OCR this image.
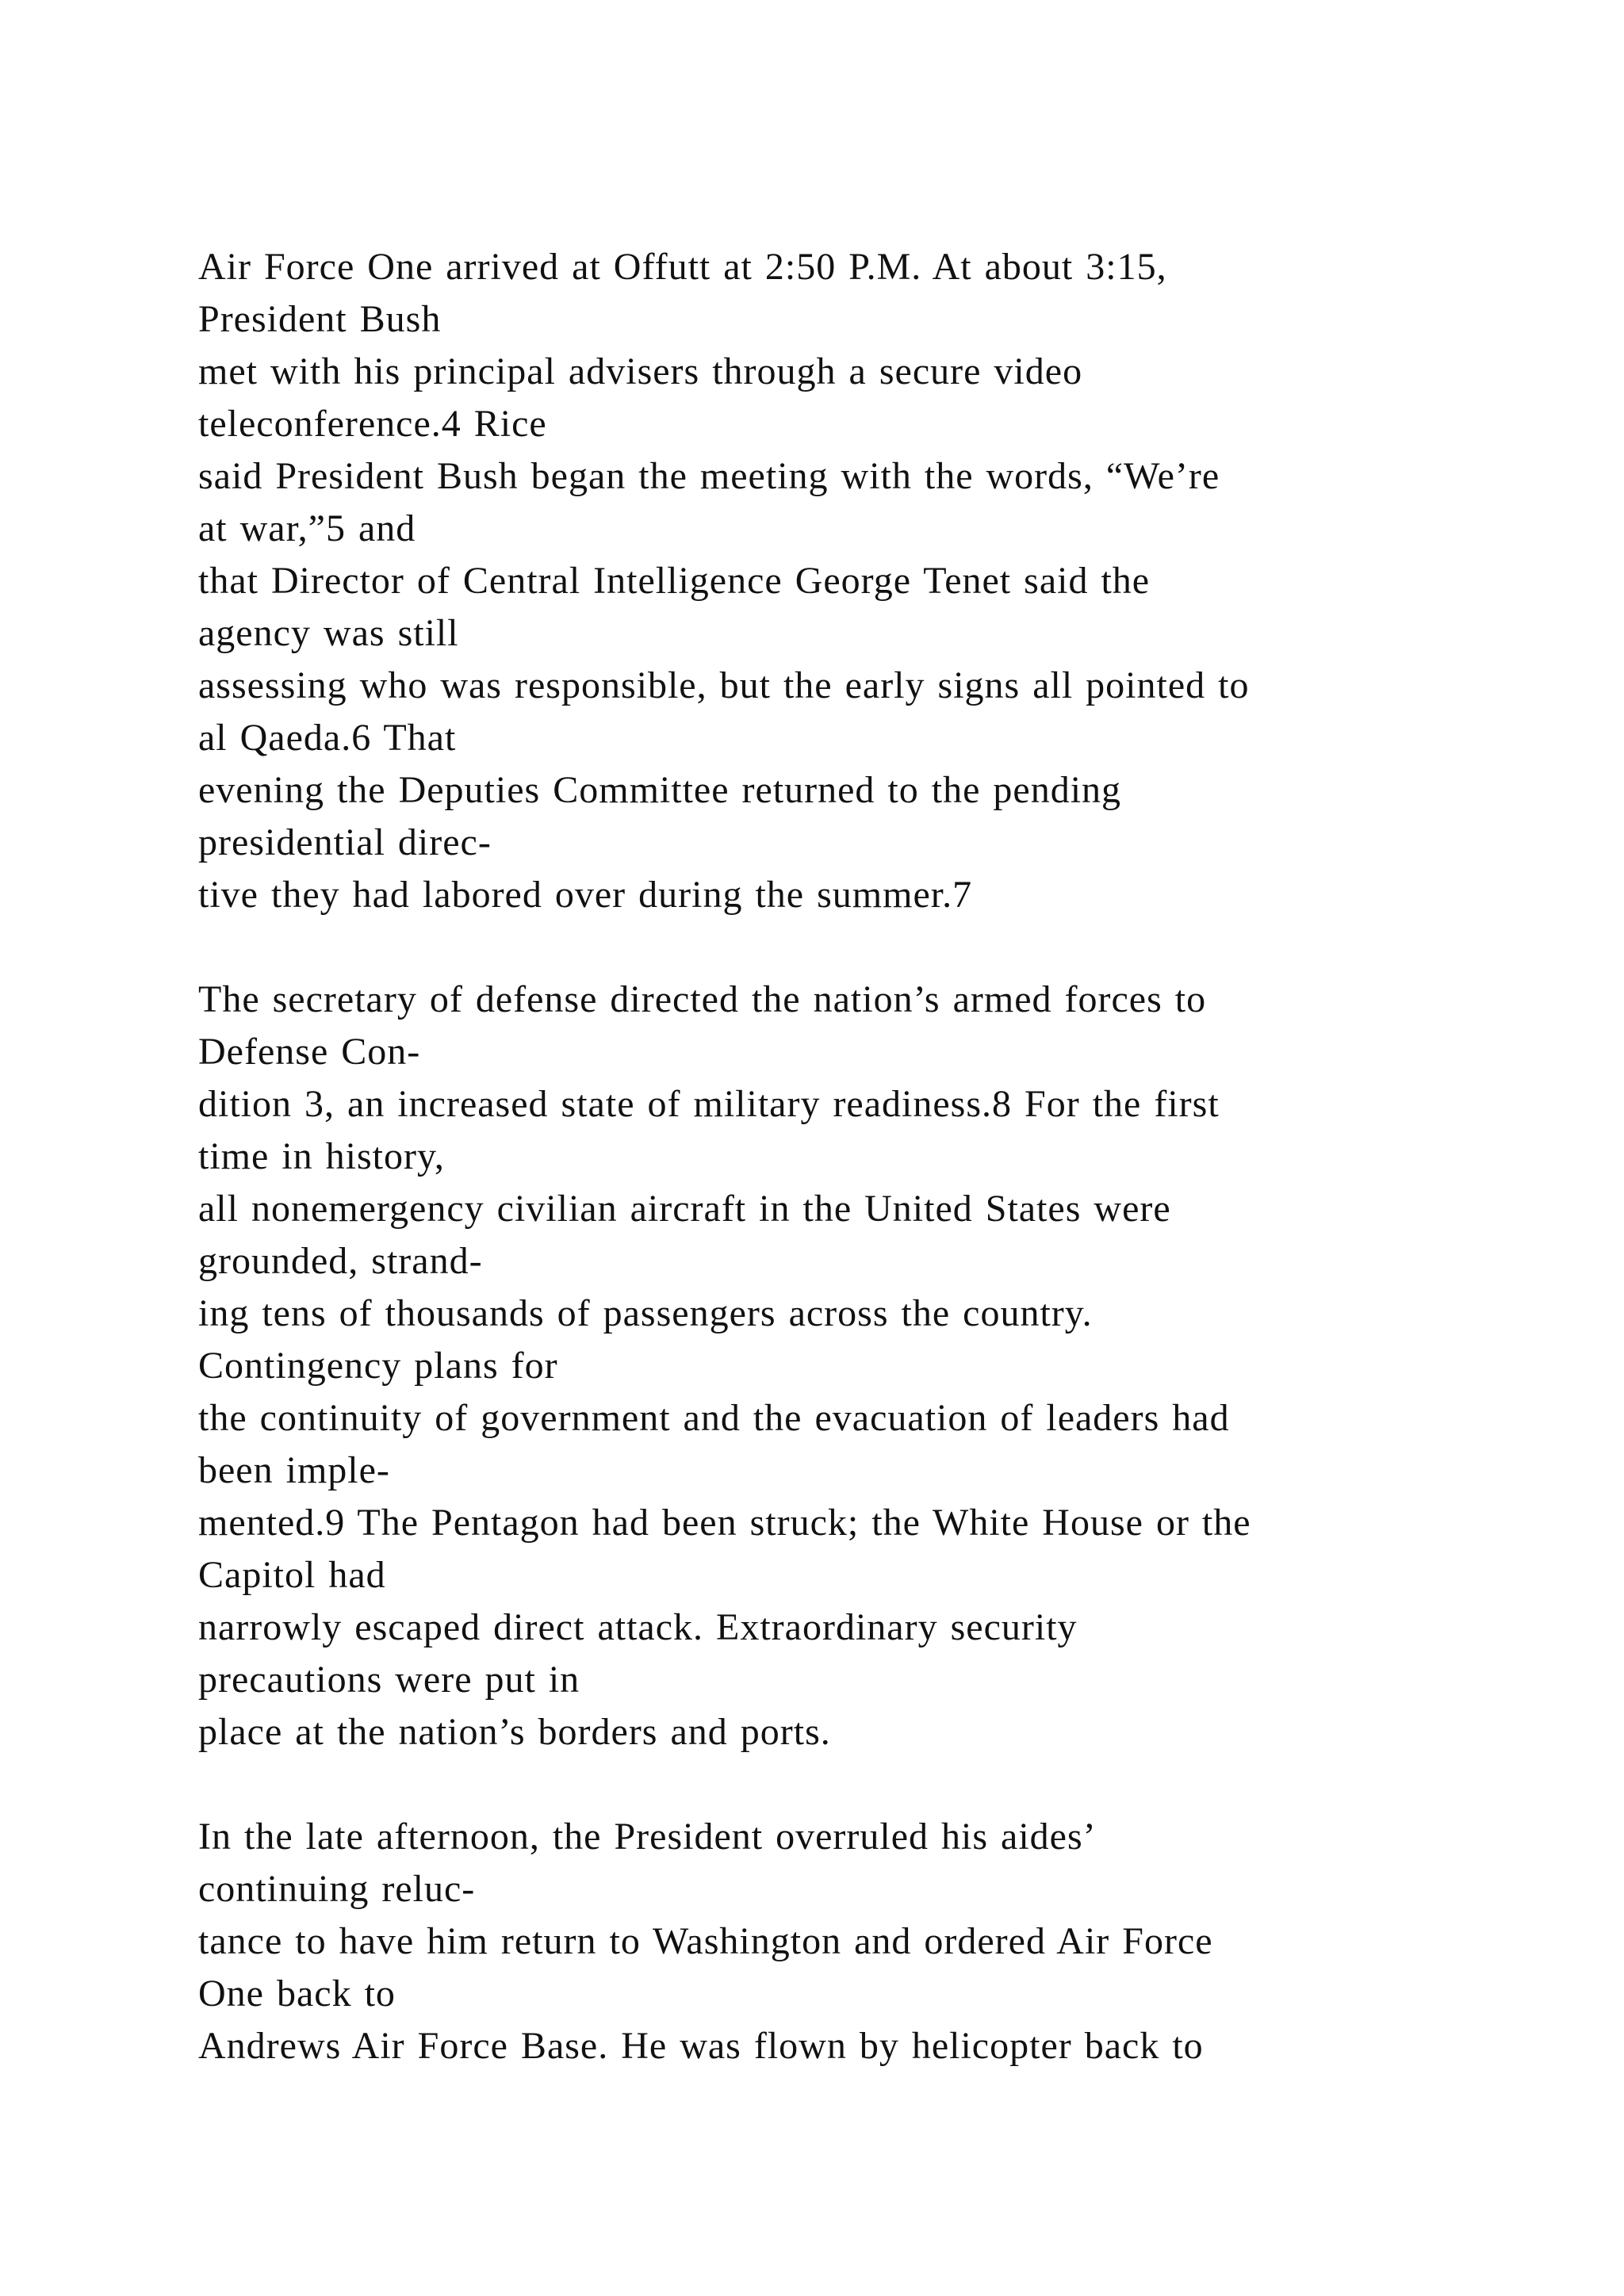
Air Force One arrived at Offutt at 2:50 P.M. At about 3:15,
President Bush
met with his principal advisers through a secure video
teleconference.4 Rice
said President Bush began the meeting with the words, “We’re
at war,”5 and
that Director of Central Intelligence George Tenet said the
agency was still
assessing who was responsible, but the early signs all pointed to
al Qaeda.6 That
evening the Deputies Committee returned to the pending
presidential direc-
tive they had labored over during the summer.7
The secretary of defense directed the nation’s armed forces to
Defense Con-
dition 3, an increased state of military readiness.8 For the first
time in history,
all nonemergency civilian aircraft in the United States were
grounded, strand-
ing tens of thousands of passengers across the country.
Contingency plans for
the continuity of government and the evacuation of leaders had
been imple-
mented.9 The Pentagon had been struck; the White House or the
Capitol had
narrowly escaped direct attack. Extraordinary security
precautions were put in
place at the nation’s borders and ports.
In the late afternoon, the President overruled his aides’
continuing reluc-
tance to have him return to Washington and ordered Air Force
One back to
Andrews Air Force Base. He was flown by helicopter back to
